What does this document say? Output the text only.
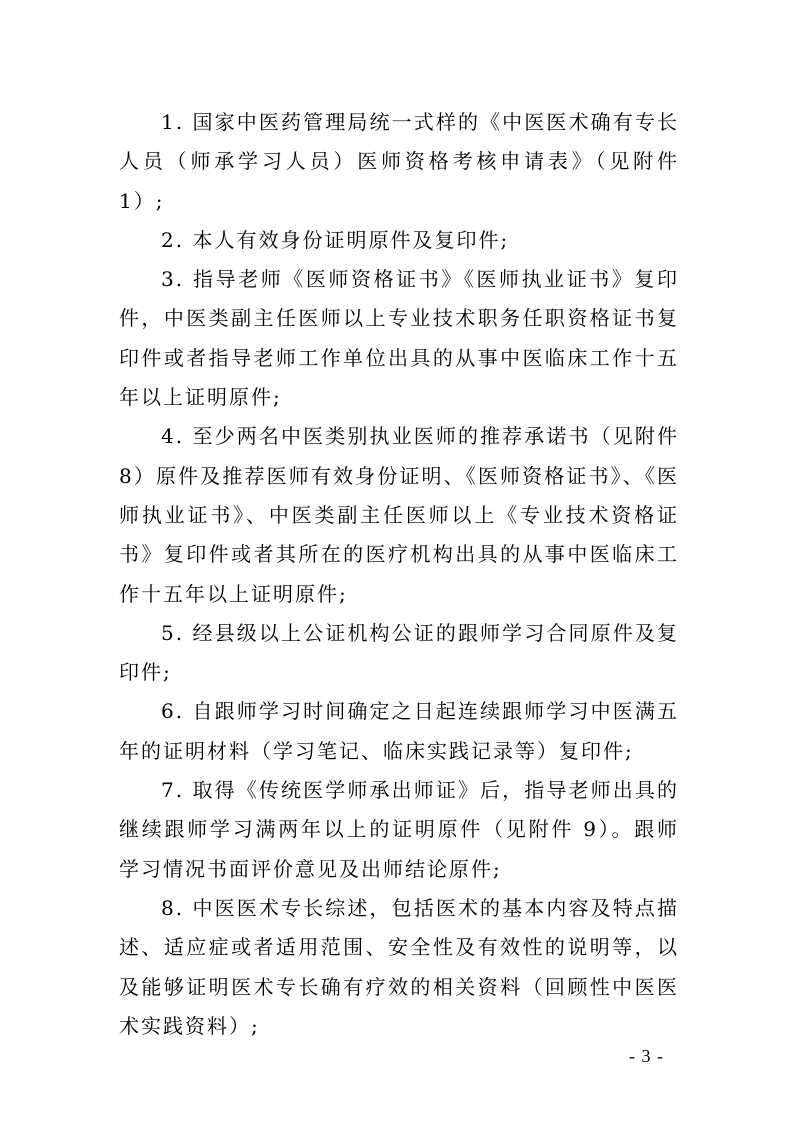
1. 国家中医药管理局统一式样的《中医医术确有专长人员（师承学习人员）医师资格考核申请表》（见附件 1）;

2. 本人有效身份证明原件及复印件;

3. 指导老师《医师资格证书》《医师执业证书》复印件，中医类副主任医师以上专业技术职务任职资格证书复印件或者指导老师工作单位出具的从事中医临床工作十五年以上证明原件;

4. 至少两名中医类别执业医师的推荐承诺书（见附件 8）原件及推荐医师有效身份证明、《医师资格证书》、《医师执业证书》、中医类副主任医师以上《专业技术资格证书》复印件或者其所在的医疗机构出具的从事中医临床工作十五年以上证明原件;

5. 经县级以上公证机构公证的跟师学习合同原件及复印件;

6. 自跟师学习时间确定之日起连续跟师学习中医满五年的证明材料（学习笔记、临床实践记录等）复印件;

7. 取得《传统医学师承出师证》后，指导老师出具的继续跟师学习满两年以上的证明原件（见附件 9）。跟师学习情况书面评价意见及出师结论原件;

8. 中医医术专长综述，包括医术的基本内容及特点描述、适应症或者适用范围、安全性及有效性的说明等，以及能够证明医术专长确有疗效的相关资料（回顾性中医医术实践资料）;

- 3 -
